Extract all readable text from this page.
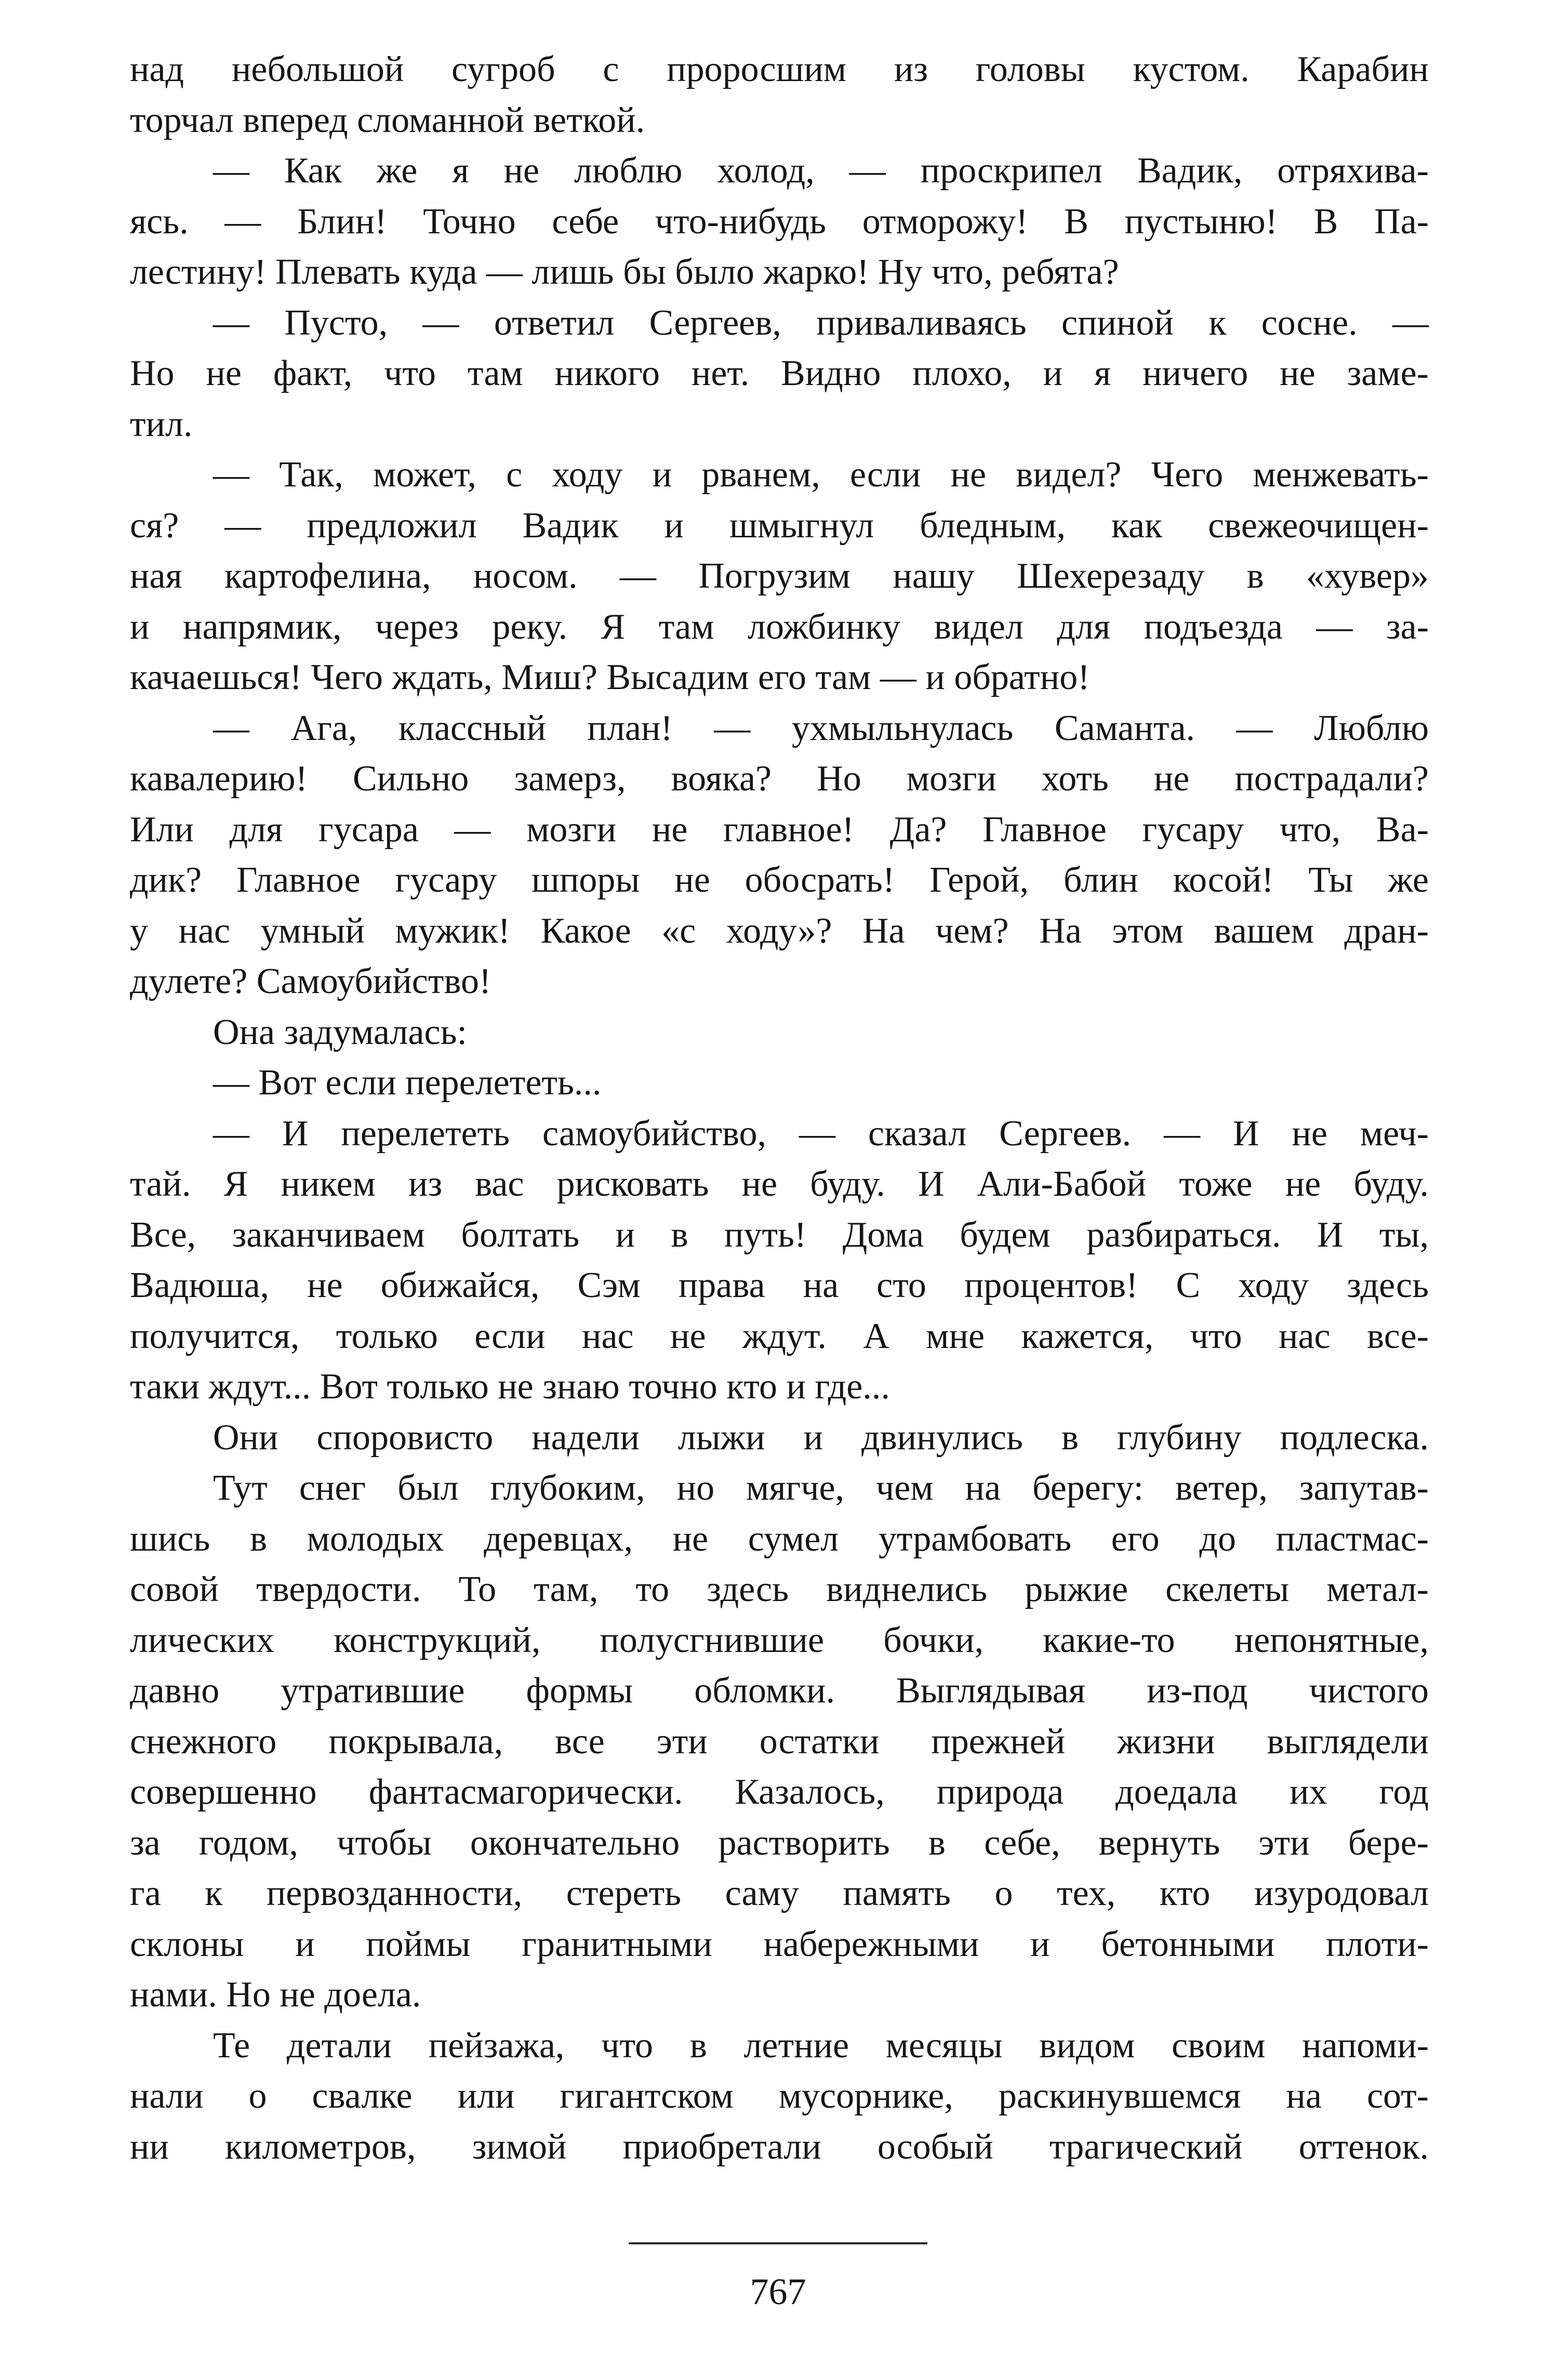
над небольшой сугроб с проросшим из головы кустом. Карабин
торчал вперед сломанной веткой.
— Как же я не люблю холод, — проскрипел Вадик, отряхива-
ясь. — Блин! Точно себе что-нибудь отморожу! В пустыню! В Па-
лестину! Плевать куда — лишь бы было жарко! Ну что, ребята?
— Пусто, — ответил Сергеев, приваливаясь спиной к сосне. —
Но не факт, что там никого нет. Видно плохо, и я ничего не заме-
тил.
— Так, может, с ходу и рванем, если не видел? Чего менжевать-
ся? — предложил Вадик и шмыгнул бледным, как свежеочищен-
ная картофелина, носом. — Погрузим нашу Шехерезаду в «хувер»
и напрямик, через реку. Я там ложбинку видел для подъезда — за-
качаешься! Чего ждать, Миш? Высадим его там — и обратно!
— Ага, классный план! — ухмыльнулась Саманта. — Люблю
кавалерию! Сильно замерз, вояка? Но мозги хоть не пострадали?
Или для гусара — мозги не главное! Да? Главное гусару что, Ва-
дик? Главное гусару шпоры не обосрать! Герой, блин косой! Ты же
у нас умный мужик! Какое «с ходу»? На чем? На этом вашем дран-
дулете? Самоубийство!
Она задумалась:
— Вот если перелететь...
— И перелететь самоубийство, — сказал Сергеев. — И не меч-
тай. Я никем из вас рисковать не буду. И Али-Бабой тоже не буду.
Все, заканчиваем болтать и в путь! Дома будем разбираться. И ты,
Вадюша, не обижайся, Сэм права на сто процентов! С ходу здесь
получится, только если нас не ждут. А мне кажется, что нас все-
таки ждут... Вот только не знаю точно кто и где...
Они споровисто надели лыжи и двинулись в глубину подлеска.
Тут снег был глубоким, но мягче, чем на берегу: ветер, запутав-
шись в молодых деревцах, не сумел утрамбовать его до пластмас-
совой твердости. То там, то здесь виднелись рыжие скелеты метал-
лических конструкций, полусгнившие бочки, какие-то непонятные,
давно утратившие формы обломки. Выглядывая из-под чистого
снежного покрывала, все эти остатки прежней жизни выглядели
совершенно фантасмагорически. Казалось, природа доедала их год
за годом, чтобы окончательно растворить в себе, вернуть эти бере-
га к первозданности, стереть саму память о тех, кто изуродовал
склоны и поймы гранитными набережными и бетонными плоти-
нами. Но не доела.
Те детали пейзажа, что в летние месяцы видом своим напоми-
нали о свалке или гигантском мусорнике, раскинувшемся на сот-
ни километров, зимой приобретали особый трагический оттенок.
767
